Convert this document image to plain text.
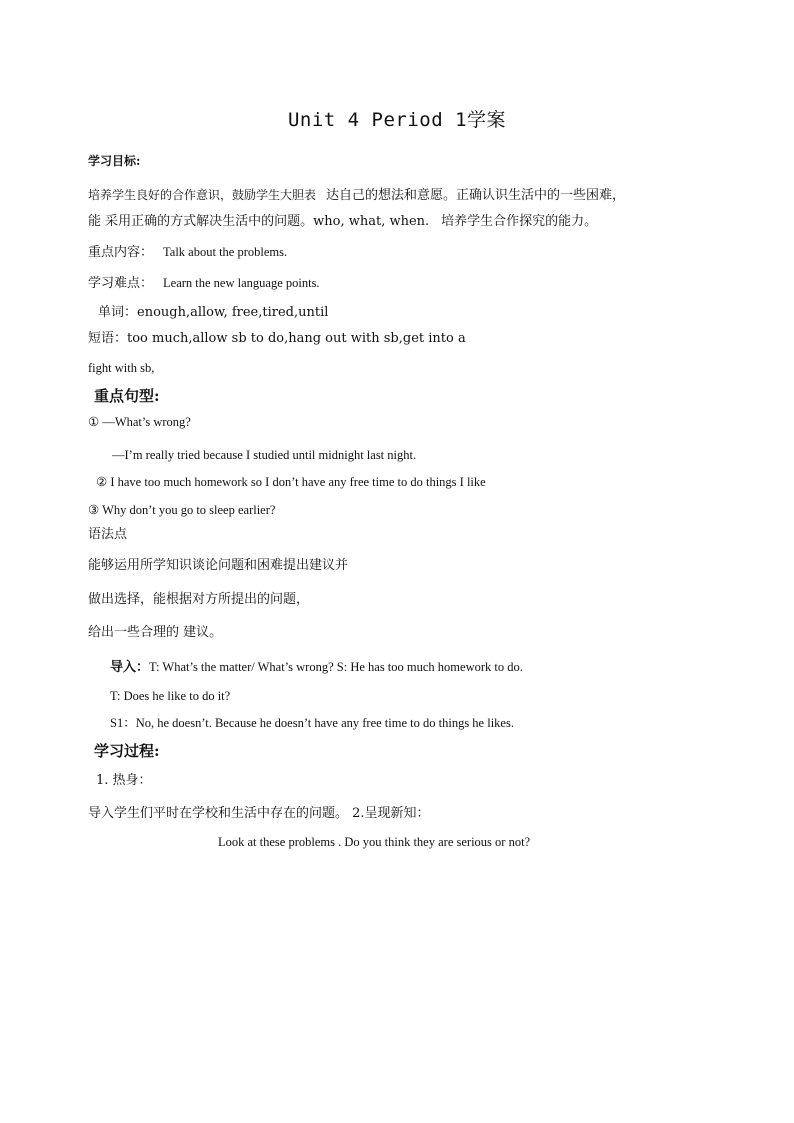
Unit 4 Period 1学案
学习目标:
培养学生良好的合作意识，鼓励学生大胆表 达自己的想法和意愿。正确认识生活中的一些困难，
能 采用正确的方式解决生活中的问题。who, what, when. 培养学生合作探究的能力。
重点内容： Talk about the problems.
学习难点： Learn the new language points.
单词：enough,allow, free,tired,until
短语：too much,allow sb to do,hang out with sb,get into a
fight with sb,
重点句型:
① —What’s wrong?
—I’m really tried because I studied until midnight last night.
② I have too much homework so I don’t have any free time to do things I like
③ Why don’t you go to sleep earlier?
语法点
能够运用所学知识谈论问题和困难提出建议并
做出选择，能根据对方所提出的问题，
给出一些合理的 建议。
导入：T: What’s the matter/ What’s wrong? S: He has too much homework to do.
T: Does he like to do it?
S1：No, he doesn’t. Because he doesn’t have any free time to do things he likes.
学习过程:
1. 热身：
导入学生们平时在学校和生活中存在的问题。 2.呈现新知：
Look at these problems . Do you think they are serious or not?
